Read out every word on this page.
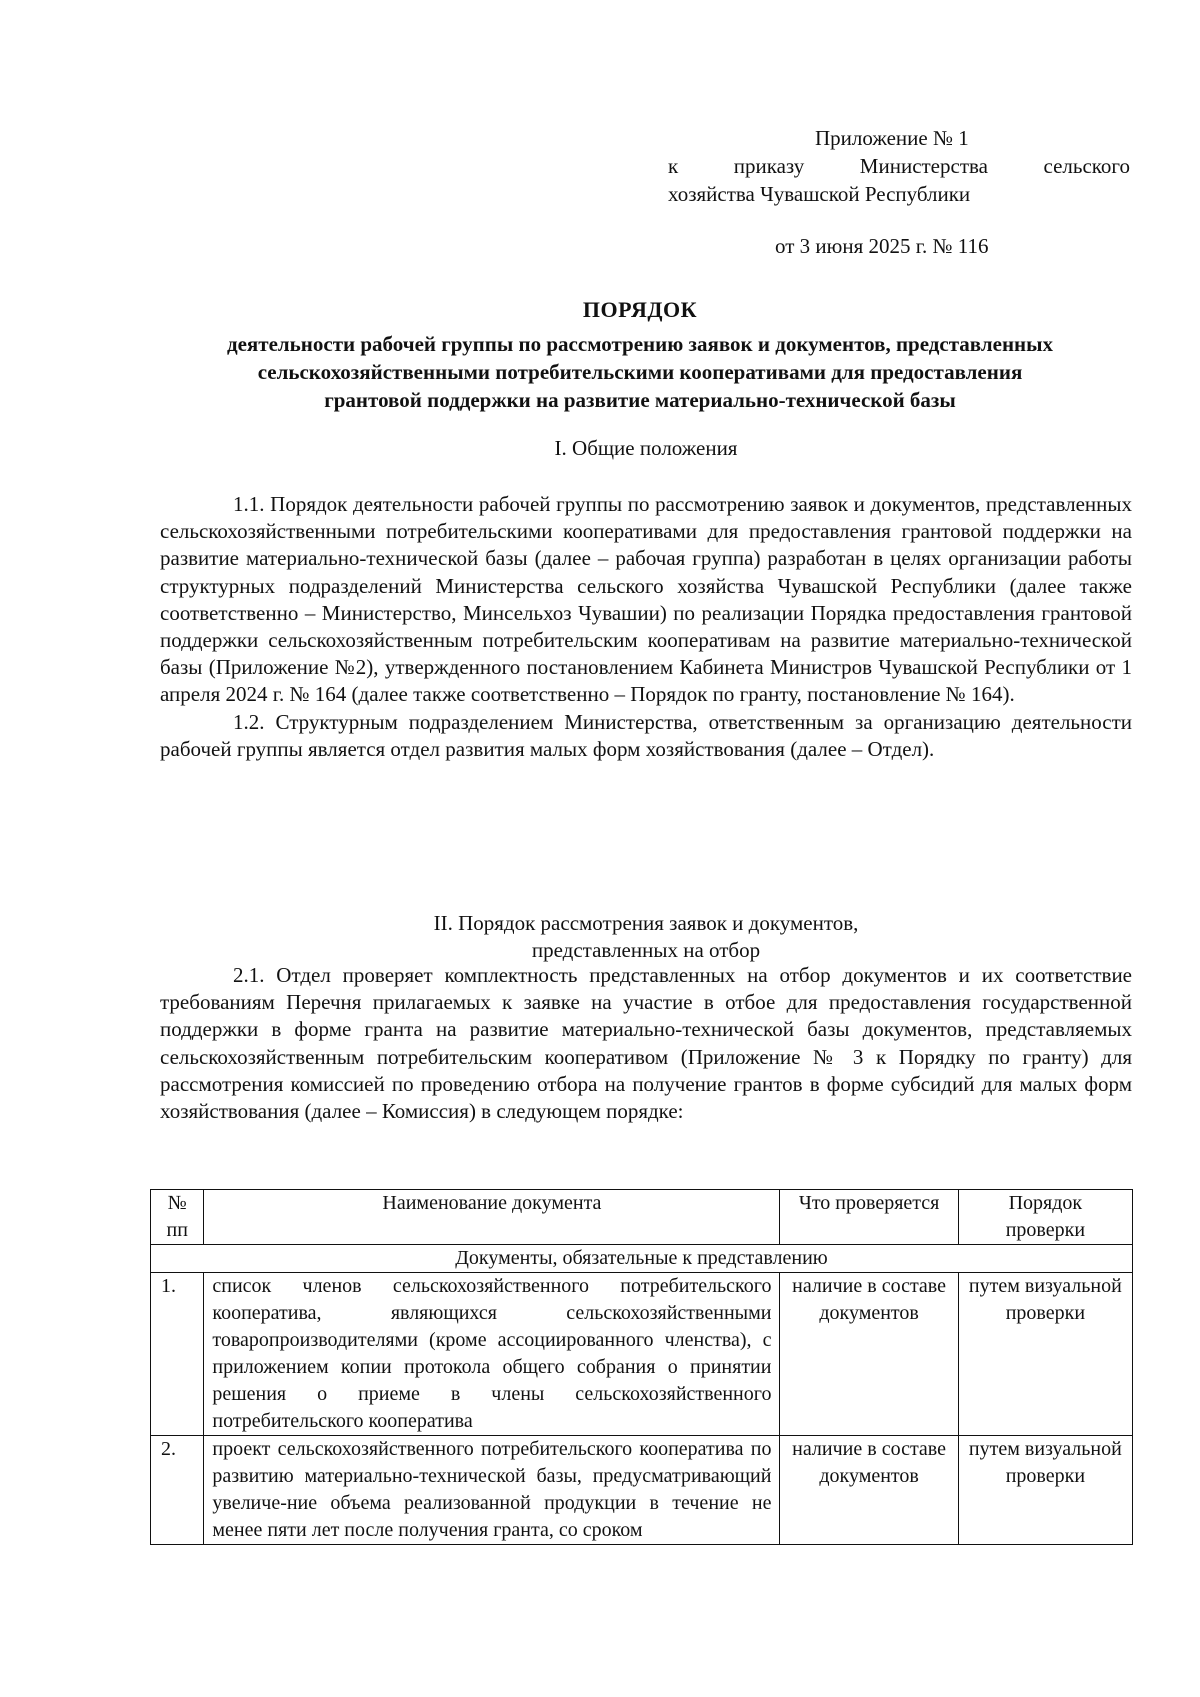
Приложение № 1
к приказу Министерства сельского
хозяйства Чувашской Республики
от 3 июня 2025 г. № 116
ПОРЯДОК
деятельности рабочей группы по рассмотрению заявок и документов, представленных
сельскохозяйственными потребительскими кооперативами для предоставления
грантовой поддержки на развитие материально-технической базы
I. Общие положения

1.1. Порядок деятельности рабочей группы по рассмотрению заявок и документов, представленных сельскохозяйственными потребительскими кооперативами для предоставления грантовой поддержки на развитие материально-технической базы (далее – рабочая группа) разработан в целях организации работы структурных подразделений Министерства сельского хозяйства Чувашской Республики (далее также соответственно – Министерство, Минсельхоз Чувашии) по реализации Порядка предоставления грантовой поддержки сельскохозяйственным потребительским кооперативам на развитие материально-технической базы (Приложение №2), утвержденного постановлением Кабинета Министров Чувашской Республики от 1 апреля 2024 г. № 164 (далее также соответственно – Порядок по гранту, постановление № 164).

1.2. Структурным подразделением Министерства, ответственным за организацию деятельности рабочей группы является отдел развития малых форм хозяйствования (далее – Отдел).

II. Порядок рассмотрения заявок и документов,
представленных на отбор

2.1. Отдел проверяет комплектность представленных на отбор документов и их соответствие требованиям Перечня прилагаемых к заявке на участие в отбое для предоставления государственной поддержки в форме гранта на развитие материально-технической базы документов, представляемых сельскохозяйственным потребительским кооперативом (Приложение № 3 к Порядку по гранту) для рассмотрения комиссией по проведению отбора на получение грантов в форме субсидий для малых форм хозяйствования (далее – Комиссия) в следующем порядке:

№ пп	Наименование документа	Что проверяется	Порядок проверки
Документы, обязательные к представлению			
1.	список членов сельскохозяйственного потребительского кооператива, являющихся сельскохозяйственными товаропроизводителями (кроме ассоциированного членства), с приложением копии протокола общего собрания о принятии решения о приеме в члены сельскохозяйственного потребительского кооператива	наличие в составе документов	путем визуальной проверки
2.	проект сельскохозяйственного потребительского кооператива по развитию материально-технической базы, предусматривающий увеличе-ние объема реализованной продукции в течение не менее пяти лет после получения гранта, со сроком	наличие в составе документов	путем визуальной проверки
